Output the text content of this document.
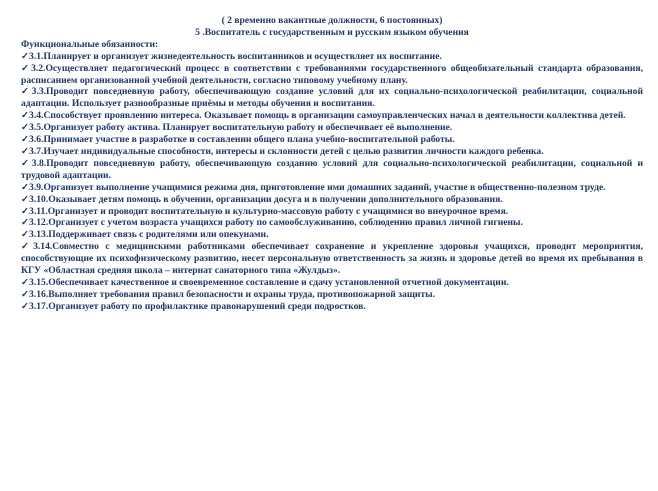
( 2 временно вакантные должности, 6 постоянных)

5 .Воспитатель с государственным и русским языком обучения

Функциональные обязанности:

✓3.1.Планирует и организует жизнедеятельность воспитанников и осуществляет их воспитание.

✓3.2.Осуществляет педагогический процесс в соответствии с требованиями государственного общеобязательный стандарта образования, расписанием организованной учебной деятельности, согласно типовому учебному плану.

✓3.3.Проводит повседневную работу, обеспечивающую создание условий для их социально-психологической реабилитации, социальной адаптации. Использует разнообразные приёмы и методы обучения и воспитания.

✓3.4.Способствует проявлению интереса. Оказывает помощь в организации самоуправленческих начал в деятельности коллектива детей.

✓3.5.Организует работу актива. Планирует воспитательную работу и обеспечивает её выполнение.

✓3.6.Принимает участие в разработке и составлении общего плана учебно-воспитательной работы.

✓3.7.Изучает индивидуальные способности, интересы и склонности детей с целью развития личности каждого ребенка.

✓3.8.Проводит повседневную работу, обеспечивающую созданию условий для социально-психологической реабилитации, социальной и трудовой адаптации.

✓3.9.Организует выполнение учащимися режима дня, приготовление ими домашних заданий, участие в общественно-полезном труде.

✓3.10.Оказывает детям помощь в обучении, организации досуга и в получении дополнительного образования.

✓3.11.Организует и проводит воспитательную и культурно-массовую работу с учащимися во внеурочное время.

✓3.12.Организует с учетом возраста учащихся работу по самообслуживанию, соблюдению правил личной гигиены.

✓3.13.Поддерживает связь с родителями или опекунами.

✓3.14.Совместно с медицинскими работниками обеспечивает сохранение и укрепление здоровья учащихся, проводит мероприятия, способствующие их психофизическому развитию, несет персональную ответственность за жизнь и здоровье детей во время их пребывания в КГУ «Областная средняя школа – интернат санаторного типа «Жулдыз».

✓3.15.Обеспечивает качественное и своевременное составление и сдачу установленной отчетной документации.

✓3.16.Выполняет требования правил безопасности и охраны труда, противопожарной защиты.

✓3.17.Организует работу по профилактике правонарушений среди подростков.
